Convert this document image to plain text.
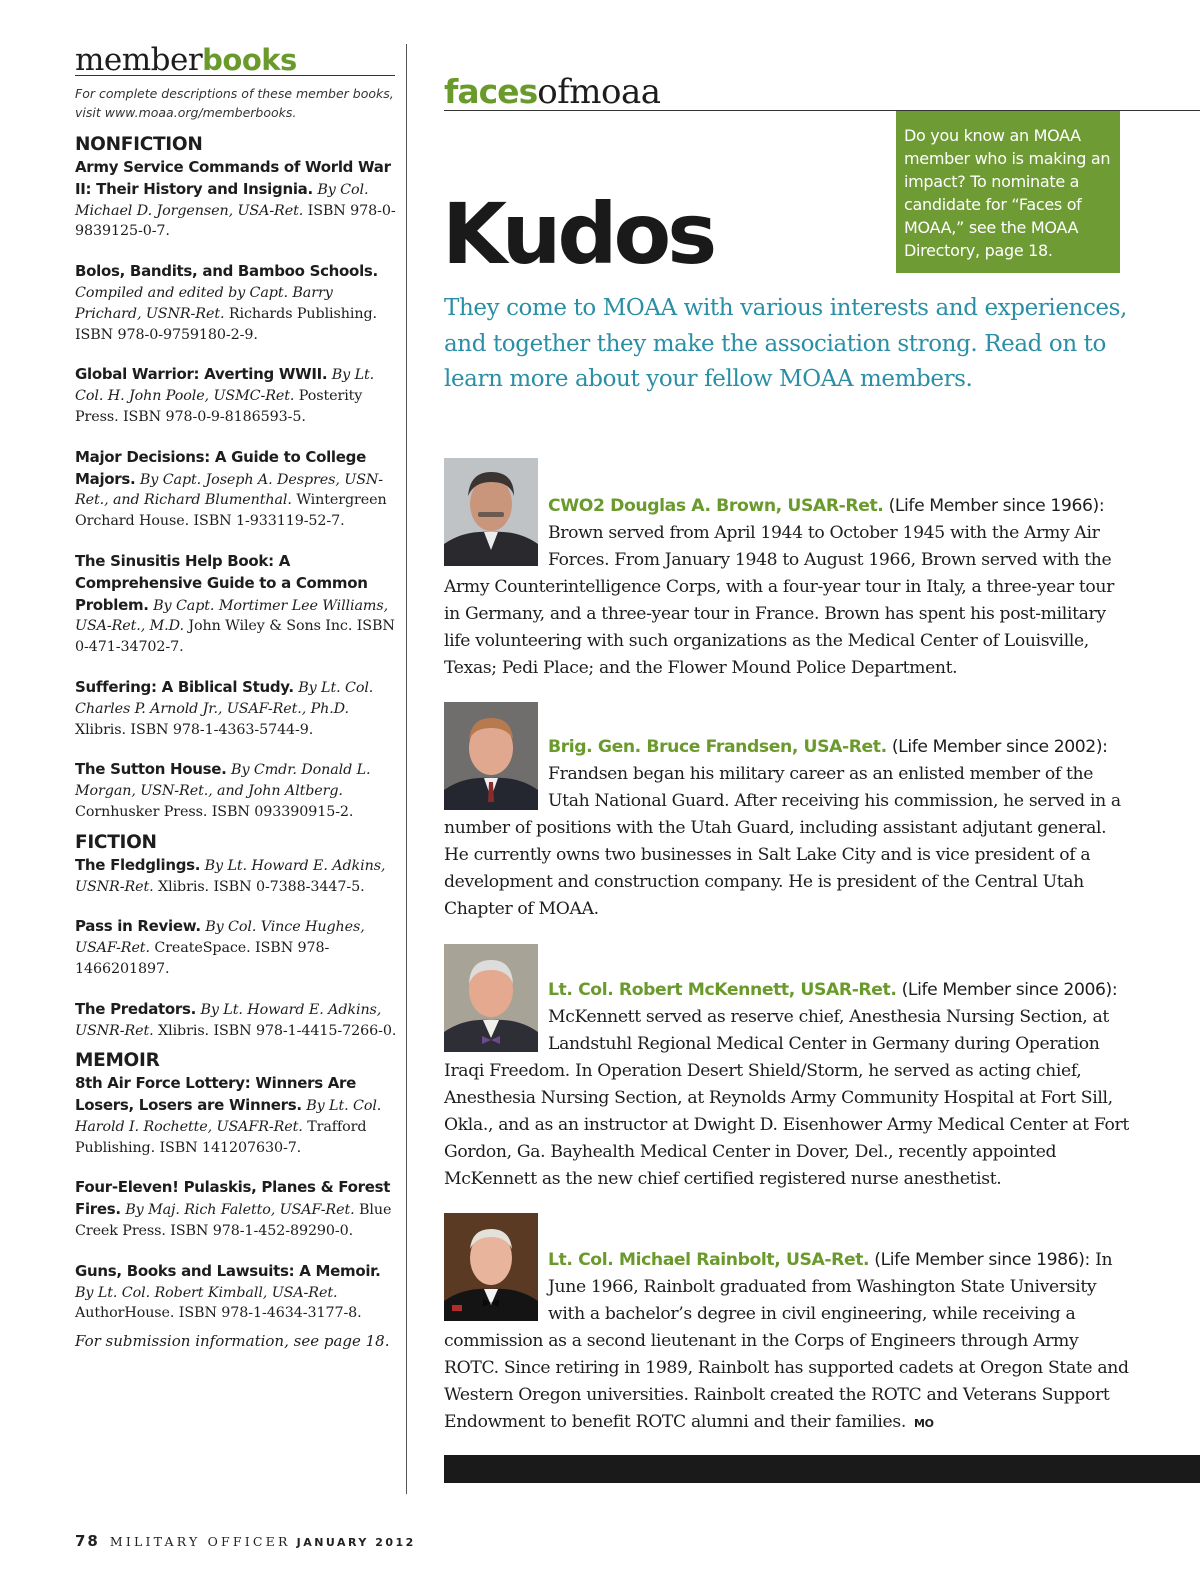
memberbooks
For complete descriptions of these member books, visit www.moaa.org/memberbooks.
NONFICTION
Army Service Commands of World War II: Their History and Insignia. By Col. Michael D. Jorgensen, USA-Ret. ISBN 978-0-9839125-0-7.
Bolos, Bandits, and Bamboo Schools. Compiled and edited by Capt. Barry Prichard, USNR-Ret. Richards Publishing. ISBN 978-0-9759180-2-9.
Global Warrior: Averting WWII. By Lt. Col. H. John Poole, USMC-Ret. Posterity Press. ISBN 978-0-9-8186593-5.
Major Decisions: A Guide to College Majors. By Capt. Joseph A. Despres, USN-Ret., and Richard Blumenthal. Wintergreen Orchard House. ISBN 1-933119-52-7.
The Sinusitis Help Book: A Comprehensive Guide to a Common Problem. By Capt. Mortimer Lee Williams, USA-Ret., M.D. John Wiley & Sons Inc. ISBN 0-471-34702-7.
Suffering: A Biblical Study. By Lt. Col. Charles P. Arnold Jr., USAF-Ret., Ph.D. Xlibris. ISBN 978-1-4363-5744-9.
The Sutton House. By Cmdr. Donald L. Morgan, USN-Ret., and John Altberg. Cornhusker Press. ISBN 093390915-2.
FICTION
The Fledglings. By Lt. Howard E. Adkins, USNR-Ret. Xlibris. ISBN 0-7388-3447-5.
Pass in Review. By Col. Vince Hughes, USAF-Ret. CreateSpace. ISBN 978-1466201897.
The Predators. By Lt. Howard E. Adkins, USNR-Ret. Xlibris. ISBN 978-1-4415-7266-0.
MEMOIR
8th Air Force Lottery: Winners Are Losers, Losers are Winners. By Lt. Col. Harold I. Rochette, USAFR-Ret. Trafford Publishing. ISBN 141207630-7.
Four-Eleven! Pulaskis, Planes & Forest Fires. By Maj. Rich Faletto, USAF-Ret. Blue Creek Press. ISBN 978-1-452-89290-0.
Guns, Books and Lawsuits: A Memoir. By Lt. Col. Robert Kimball, USA-Ret. AuthorHouse. ISBN 978-1-4634-3177-8.
For submission information, see page 18.
78 MILITARY OFFICER JANUARY 2012
facesofmoaa
Do you know an MOAA member who is making an impact? To nominate a candidate for “Faces of MOAA,” see the MOAA Directory, page 18.
Kudos
They come to MOAA with various interests and experiences, and together they make the association strong. Read on to learn more about your fellow MOAA members.
CWO2 Douglas A. Brown, USAR-Ret. (Life Member since 1966): Brown served from April 1944 to October 1945 with the Army Air Forces. From January 1948 to August 1966, Brown served with the Army Counterintelligence Corps, with a four-year tour in Italy, a three-year tour in Germany, and a three-year tour in France. Brown has spent his post-military life volunteering with such organizations as the Medical Center of Louisville, Texas; Pedi Place; and the Flower Mound Police Department.
Brig. Gen. Bruce Frandsen, USA-Ret. (Life Member since 2002): Frandsen began his military career as an enlisted member of the Utah National Guard. After receiving his commission, he served in a number of positions with the Utah Guard, including assistant adjutant general. He currently owns two businesses in Salt Lake City and is vice president of a development and construction company. He is president of the Central Utah Chapter of MOAA.
Lt. Col. Robert McKennett, USAR-Ret. (Life Member since 2006): McKennett served as reserve chief, Anesthesia Nursing Section, at Landstuhl Regional Medical Center in Germany during Operation Iraqi Freedom. In Operation Desert Shield/Storm, he served as acting chief, Anesthesia Nursing Section, at Reynolds Army Community Hospital at Fort Sill, Okla., and as an instructor at Dwight D. Eisenhower Army Medical Center at Fort Gordon, Ga. Bayhealth Medical Center in Dover, Del., recently appointed McKennett as the new chief certified registered nurse anesthetist.
Lt. Col. Michael Rainbolt, USA-Ret. (Life Member since 1986): In June 1966, Rainbolt graduated from Washington State University with a bachelor’s degree in civil engineering, while receiving a commission as a second lieutenant in the Corps of Engineers through Army ROTC. Since retiring in 1989, Rainbolt has supported cadets at Oregon State and Western Oregon universities. Rainbolt created the ROTC and Veterans Support Endowment to benefit ROTC alumni and their families. MO
